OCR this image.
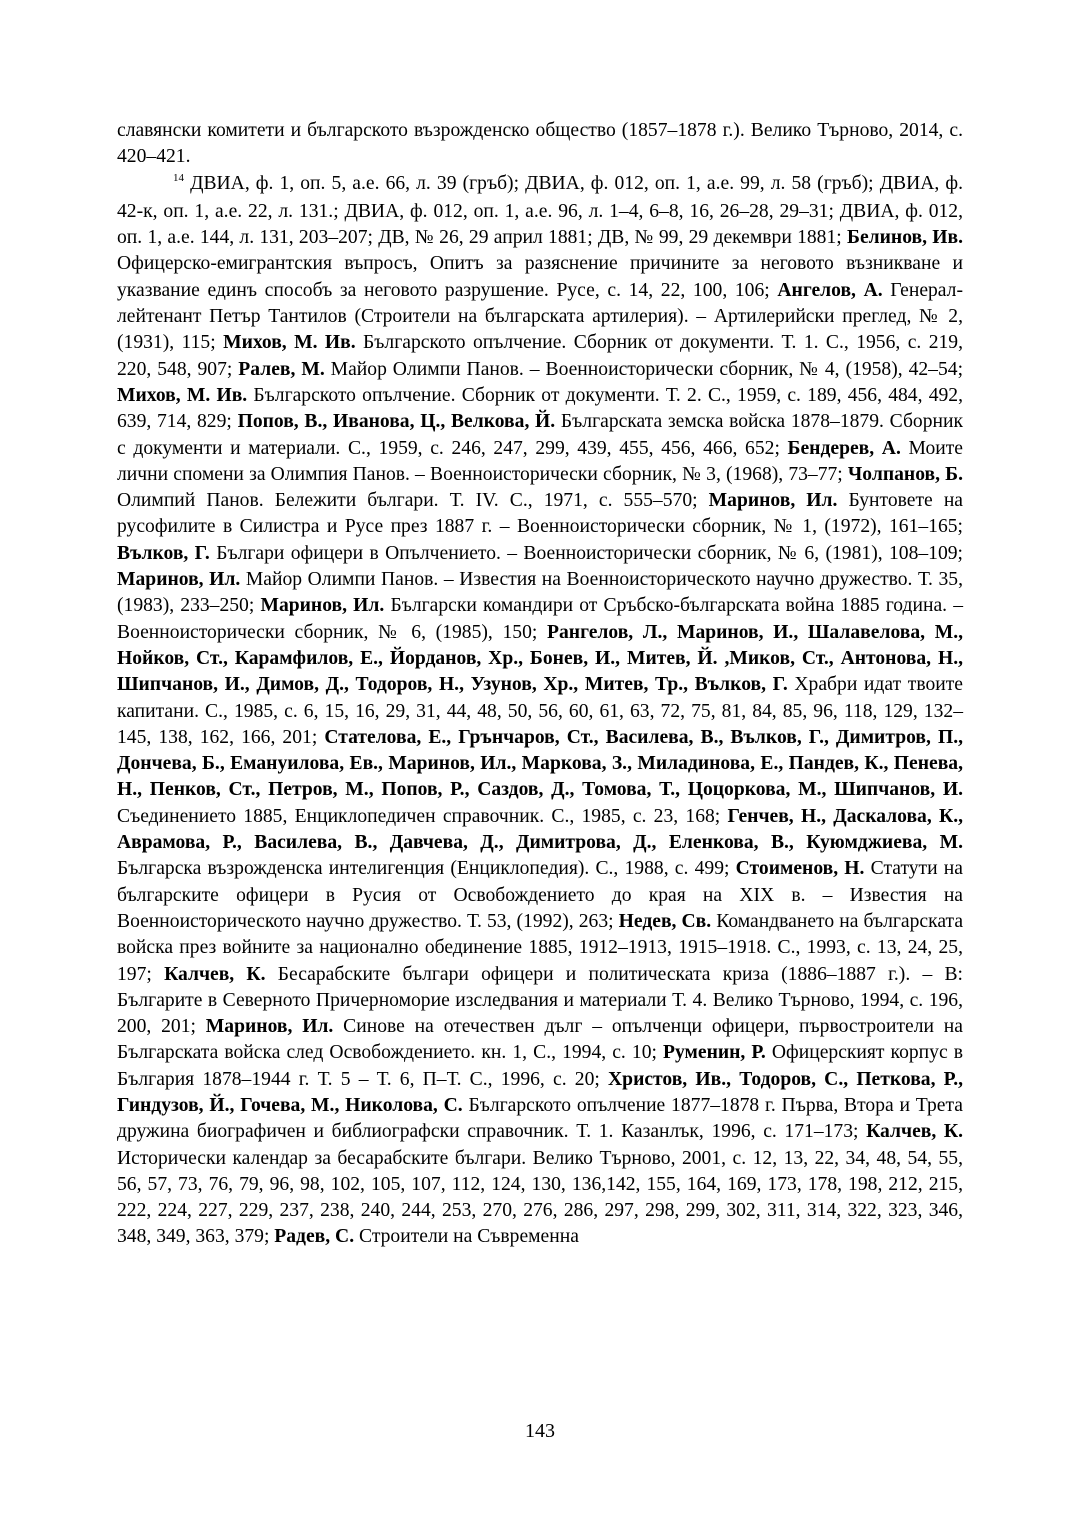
славянски комитети и българското възрожденско общество (1857–1878 г.). Велико Търново, 2014, с. 420–421.

$^{14}$ ДВИА, ф. 1, оп. 5, а.е. 66, л. 39 (гръб); ДВИА, ф. 012, оп. 1, а.е. 99, л. 58 (гръб); ДВИА, ф. 42-к, оп. 1, а.е. 22, л. 131.; ДВИА, ф. 012, оп. 1, а.е. 96, л. 1–4, 6–8, 16, 26–28, 29–31; ДВИА, ф. 012, оп. 1, а.е. 144, л. 131, 203–207; ДВ, № 26, 29 април 1881; ДВ, № 99, 29 декември 1881; Белинов, Ив. Офицерско-емигрантския въпросъ, Опитъ за разяснение причините за неговото възникване и указвание единъ способъ за неговото разрушение. Русе, с. 14, 22, 100, 106; Ангелов, А. Генерал-лейтенант Петър Тантилов (Строители на българската артилерия). – Артилерийски преглед, № 2, (1931), 115; Михов, М. Ив. Българското опълчение. Сборник от документи. Т. 1. С., 1956, с. 219, 220, 548, 907; Ралев, М. Майор Олимпи Панов. – Военноисторически сборник, № 4, (1958), 42–54; Михов, М. Ив. Българското опълчение. Сборник от документи. Т. 2. С., 1959, с. 189, 456, 484, 492, 639, 714, 829; Попов, В., Иванова, Ц., Велкова, Й. Българската земска войска 1878–1879. Сборник с документи и материали. С., 1959, с. 246, 247, 299, 439, 455, 456, 466, 652; Бендерев, А. Моите лични спомени за Олимпия Панов. – Военноисторически сборник, № 3, (1968), 73–77; Чолпанов, Б. Олимпий Панов. Бележити българи. Т. IV. С., 1971, с. 555–570; Маринов, Ил. Бунтовете на русофилите в Силистра и Русе през 1887 г. – Военноисторически сборник, № 1, (1972), 161–165; Вълков, Г. Българи офицери в Опълчението. – Военноисторически сборник, № 6, (1981), 108–109; Маринов, Ил. Майор Олимпи Панов. – Известия на Военноисторическото научно дружество. Т. 35, (1983), 233–250; Маринов, Ил. Български командири от Сръбско-българската война 1885 година. – Военноисторически сборник, № 6, (1985), 150; Рангелов, Л., Маринов, И., Шалавелова, М., Нойков, Ст., Карамфилов, Е., Йорданов, Хр., Бонев, И., Митев, Й. ,Миков, Ст., Антонова, Н., Шипчанов, И., Димов, Д., Тодоров, Н., Узунов, Хр., Митев, Тр., Вълков, Г. Храбри идат твоите капитани. С., 1985, с. 6, 15, 16, 29, 31, 44, 48, 50, 56, 60, 61, 63, 72, 75, 81, 84, 85, 96, 118, 129, 132–145, 138, 162, 166, 201; Стателова, Е., Грънчаров, Ст., Василева, В., Вълков, Г., Димитров, П., Дончева, Б., Емануилова, Ев., Маринов, Ил., Маркова, З., Миладинова, Е., Пандев, К., Пенева, Н., Пенков, Ст., Петров, М., Попов, Р., Саздов, Д., Томова, Т., Цоцоркова, М., Шипчанов, И. Съединението 1885, Енциклопедичен справочник. С., 1985, с. 23, 168; Генчев, Н., Даскалова, К., Аврамова, Р., Василева, В., Давчева, Д., Димитрова, Д., Еленкова, В., Куюмджиева, М. Българска възрожденска интелигенция (Енциклопедия). С., 1988, с. 499; Стоименов, Н. Статути на българските офицери в Русия от Освобождението до края на XIX в. – Известия на Военноисторическото научно дружество. Т. 53, (1992), 263; Недев, Св. Командването на българската войска през войните за национално обединение 1885, 1912–1913, 1915–1918. С., 1993, с. 13, 24, 25, 197; Калчев, К. Бесарабските българи офицери и политическата криза (1886–1887 г.). – В: Българите в Северното Причерноморие изследвания и материали Т. 4. Велико Търново, 1994, с. 196, 200, 201; Маринов, Ил. Синове на отечествен дълг – опълченци офицери, първостроители на Българската войска след Освобождението. кн. 1, С., 1994, с. 10; Руменин, Р. Офицерският корпус в България 1878–1944 г. Т. 5 – Т. 6, П–Т. С., 1996, с. 20; Христов, Ив., Тодоров, С., Петкова, Р., Гиндузов, Й., Гочева, М., Николова, С. Българското опълчение 1877–1878 г. Първа, Втора и Трета дружина биографичен и библиографски справочник. Т. 1. Казанлък, 1996, с. 171–173; Калчев, К. Исторически календар за бесарабските българи. Велико Търново, 2001, с. 12, 13, 22, 34, 48, 54, 55, 56, 57, 73, 76, 79, 96, 98, 102, 105, 107, 112, 124, 130, 136,142, 155, 164, 169, 173, 178, 198, 212, 215, 222, 224, 227, 229, 237, 238, 240, 244, 253, 270, 276, 286, 297, 298, 299, 302, 311, 314, 322, 323, 346, 348, 349, 363, 379; Радев, С. Строители на Съвременна

143
